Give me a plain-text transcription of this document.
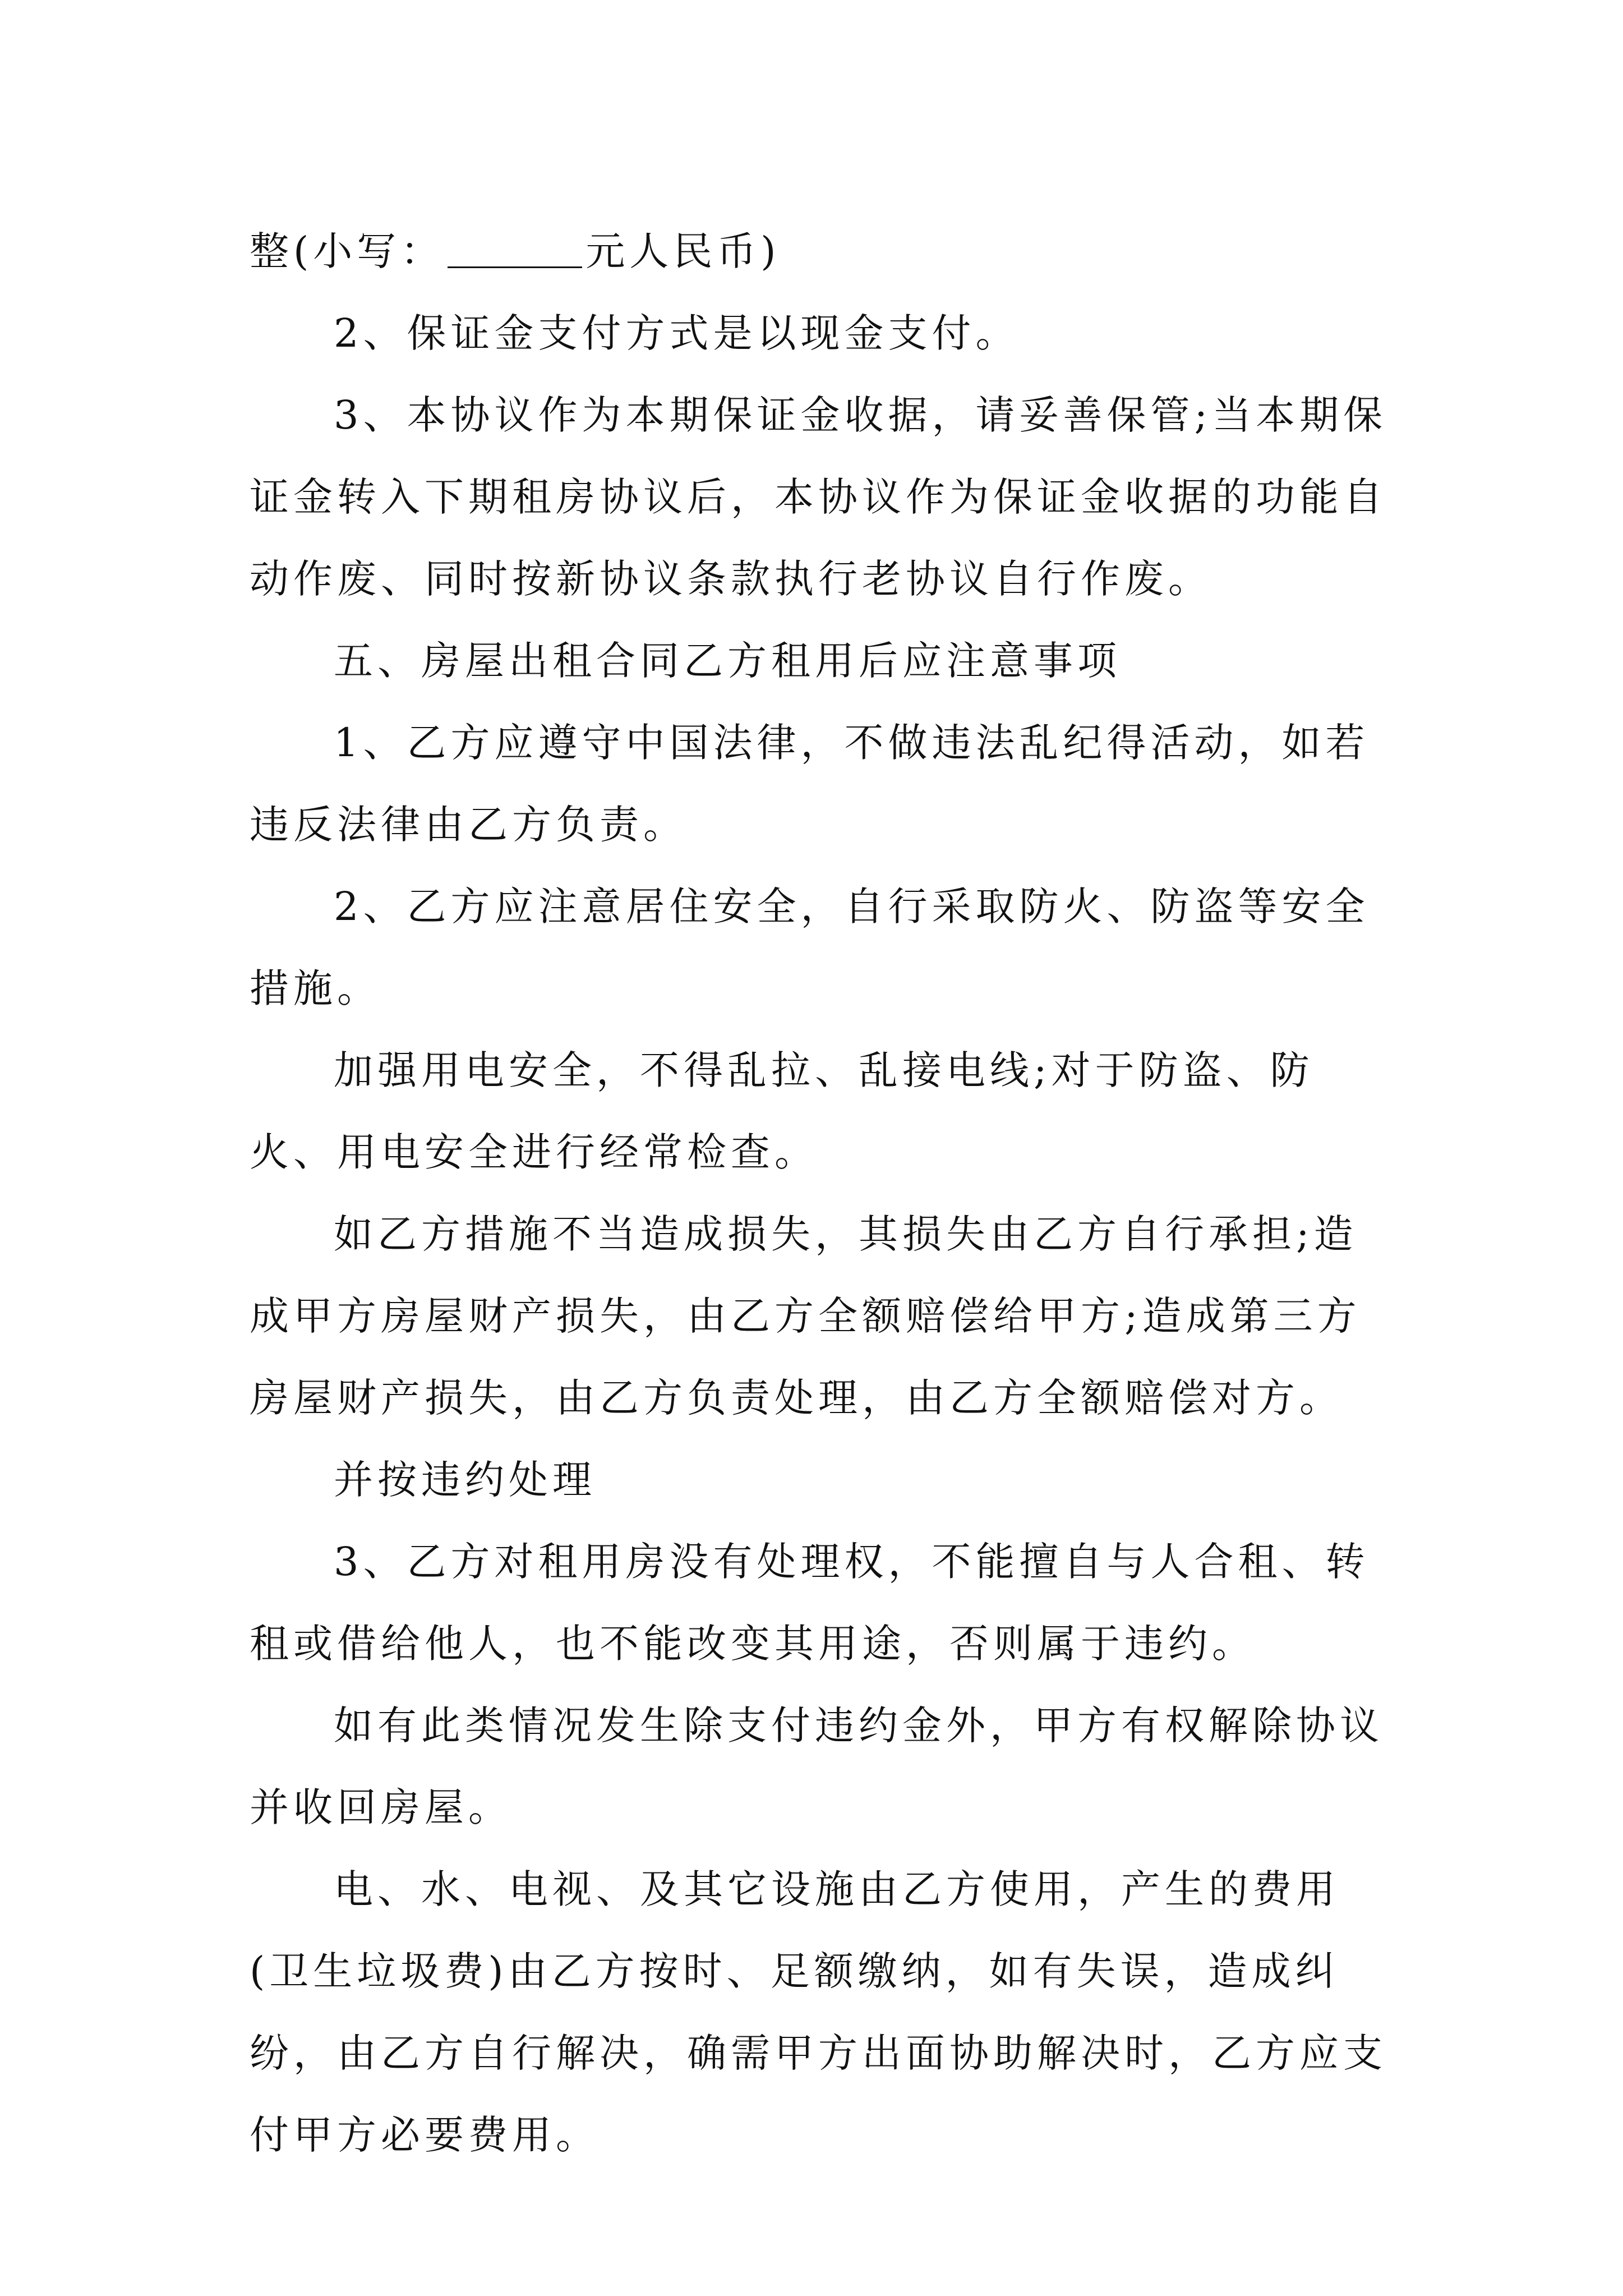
整(小写：	元人民币)

2、保证金支付方式是以现金支付。

3、本协议作为本期保证金收据，请妥善保管;当本期保证金转入下期租房协议后，本协议作为保证金收据的功能自动作废、同时按新协议条款执行老协议自行作废。

五、房屋出租合同乙方租用后应注意事项

1、乙方应遵守中国法律，不做违法乱纪得活动，如若违反法律由乙方负责。

2、乙方应注意居住安全，自行采取防火、防盗等安全措施。

加强用电安全，不得乱拉、乱接电线;对于防盗、防火、用电安全进行经常检查。

如乙方措施不当造成损失，其损失由乙方自行承担;造成甲方房屋财产损失，由乙方全额赔偿给甲方;造成第三方房屋财产损失，由乙方负责处理，由乙方全额赔偿对方。

并按违约处理

3、乙方对租用房没有处理权，不能擅自与人合租、转租或借给他人，也不能改变其用途，否则属于违约。

如有此类情况发生除支付违约金外，甲方有权解除协议并收回房屋。

电、水、电视、及其它设施由乙方使用，产生的费用(卫生垃圾费)由乙方按时、足额缴纳，如有失误，造成纠纷，由乙方自行解决，确需甲方出面协助解决时，乙方应支付甲方必要费用。
